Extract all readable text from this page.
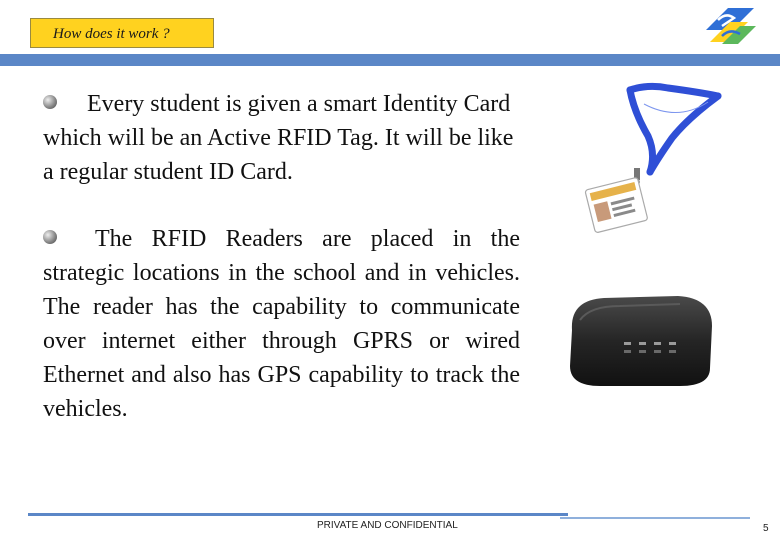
How does it work ?
Every student is given a smart Identity Card which will be an Active RFID Tag. It will be like a regular student ID Card.
The RFID Readers are placed in the strategic locations in the school and in vehicles. The reader has the capability to communicate over internet either through GPRS or wired Ethernet and also has GPS capability to track the vehicles.
PRIVATE AND CONFIDENTIAL	5
